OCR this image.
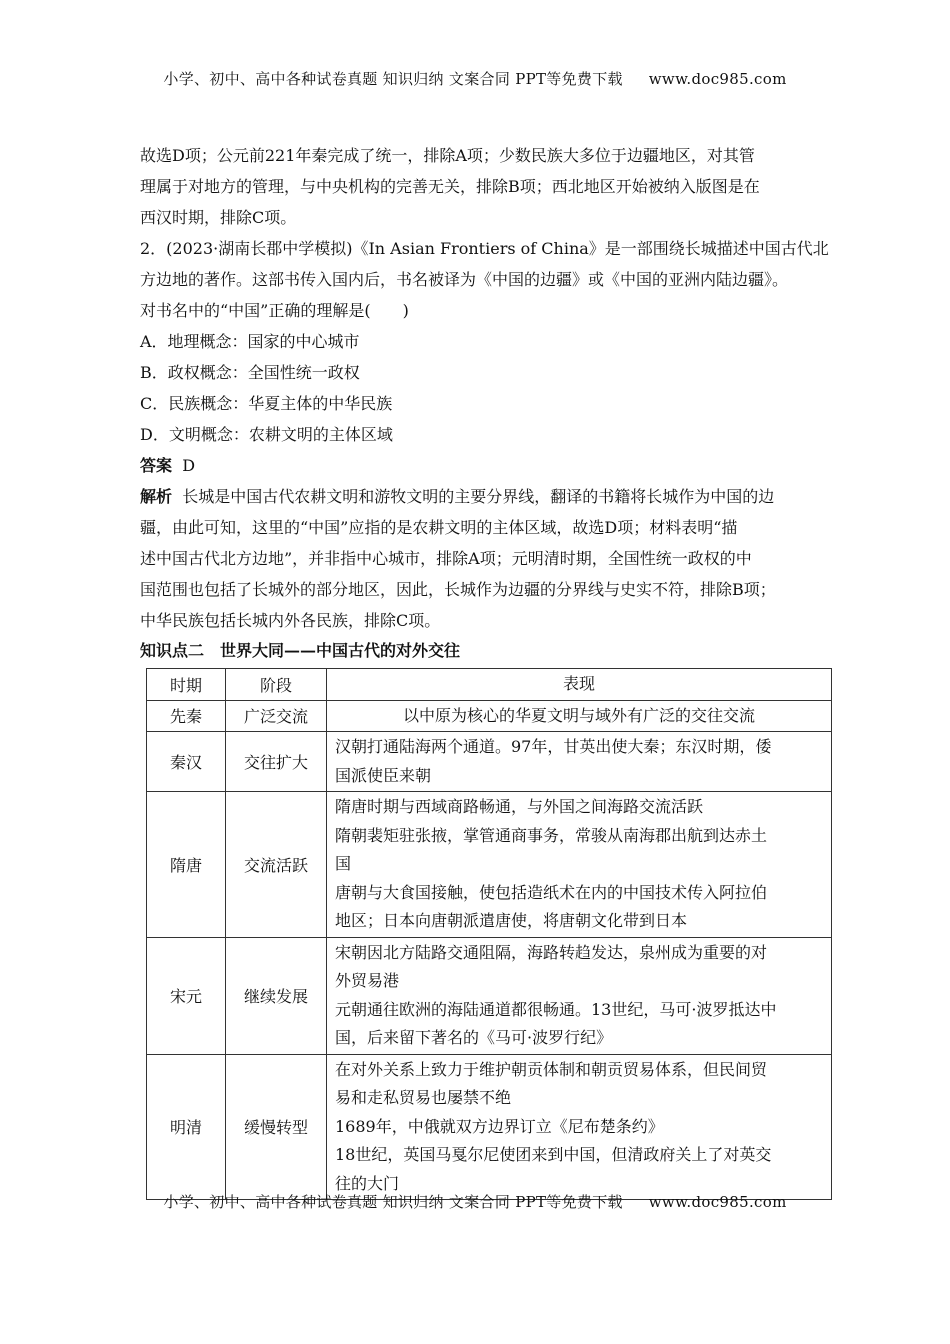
小学、初中、高中各种试卷真题 知识归纳 文案合同 PPT等免费下载 www.doc985.com

故选D项；公元前221年秦完成了统一，排除A项；少数民族大多位于边疆地区，对其管

理属于对地方的管理，与中央机构的完善无关，排除B项；西北地区开始被纳入版图是在

西汉时期，排除C项。

2．(2023·湖南长郡中学模拟)《In Asian Frontiers of China》是一部围绕长城描述中国古代北

方边地的著作。这部书传入国内后，书名被译为《中国的边疆》或《中国的亚洲内陆边疆》。

对书名中的“中国”正确的理解是(　　)

A．地理概念：国家的中心城市

B．政权概念：全国性统一政权

C．民族概念：华夏主体的中华民族

D．文明概念：农耕文明的主体区域

答案 D

解析 长城是中国古代农耕文明和游牧文明的主要分界线，翻译的书籍将长城作为中国的边

疆，由此可知，这里的“中国”应指的是农耕文明的主体区域，故选D项；材料表明“描

述中国古代北方边地”，并非指中心城市，排除A项；元明清时期，全国性统一政权的中

国范围也包括了长城外的部分地区，因此，长城作为边疆的分界线与史实不符，排除B项；

中华民族包括长城内外各民族，排除C项。

知识点二　世界大同——中国古代的对外交往

时期	阶段	表现
先秦	广泛交流	以中原为核心的华夏文明与域外有广泛的交往交流

秦汉	交往扩大	汉朝打通陆海两个通道。97年，甘英出使大秦；东汉时期，倭
国派使臣来朝

隋唐	交流活跃	隋唐时期与西域商路畅通，与外国之间海路交流活跃
隋朝裴矩驻张掖，掌管通商事务，常骏从南海郡出航到达赤土
国
唐朝与大食国接触，使包括造纸术在内的中国技术传入阿拉伯
地区；日本向唐朝派遣唐使，将唐朝文化带到日本

宋元	继续发展	宋朝因北方陆路交通阻隔，海路转趋发达，泉州成为重要的对
外贸易港
元朝通往欧洲的海陆通道都很畅通。13世纪，马可·波罗抵达中
国，后来留下著名的《马可·波罗行纪》

明清	缓慢转型	在对外关系上致力于维护朝贡体制和朝贡贸易体系，但民间贸
易和走私贸易也屡禁不绝
1689年，中俄就双方边界订立《尼布楚条约》
18世纪，英国马戛尔尼使团来到中国，但清政府关上了对英交
往的大门
小学、初中、高中各种试卷真题 知识归纳 文案合同 PPT等免费下载 www.doc985.com
